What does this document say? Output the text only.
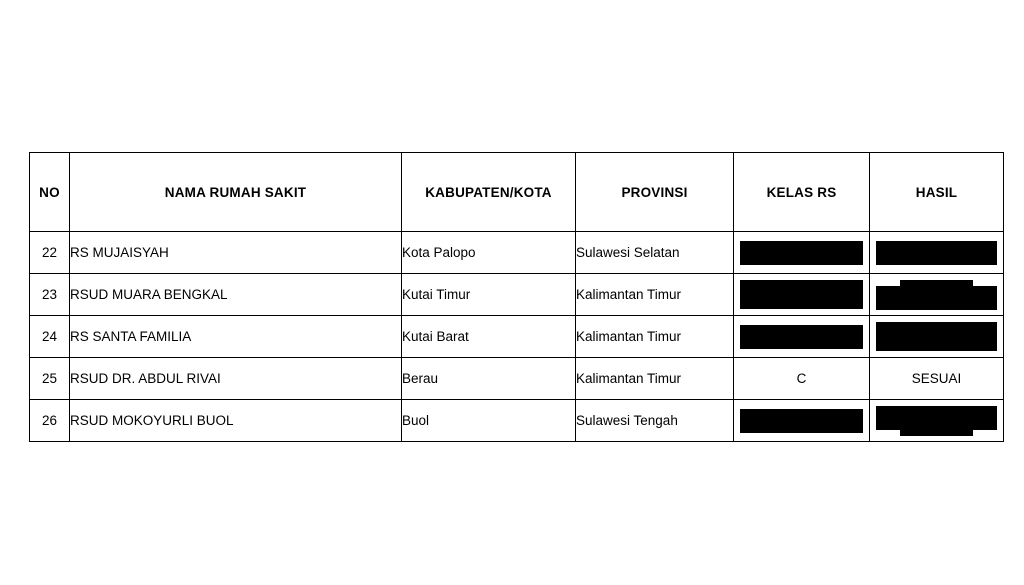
NO	NAMA RUMAH SAKIT	KABUPATEN/KOTA	PROVINSI	KELAS RS	HASIL
22	RS MUJAISYAH	Kota Palopo	Sulawesi Selatan	

23	RSUD MUARA BENGKAL	Kutai Timur	Kalimantan Timur	

24	RS SANTA FAMILIA	Kutai Barat	Kalimantan Timur	

25	RSUD DR. ABDUL RIVAI	Berau	Kalimantan Timur	C	SESUAI
26	RSUD MOKOYURLI BUOL	Buol	Sulawesi Tengah	
